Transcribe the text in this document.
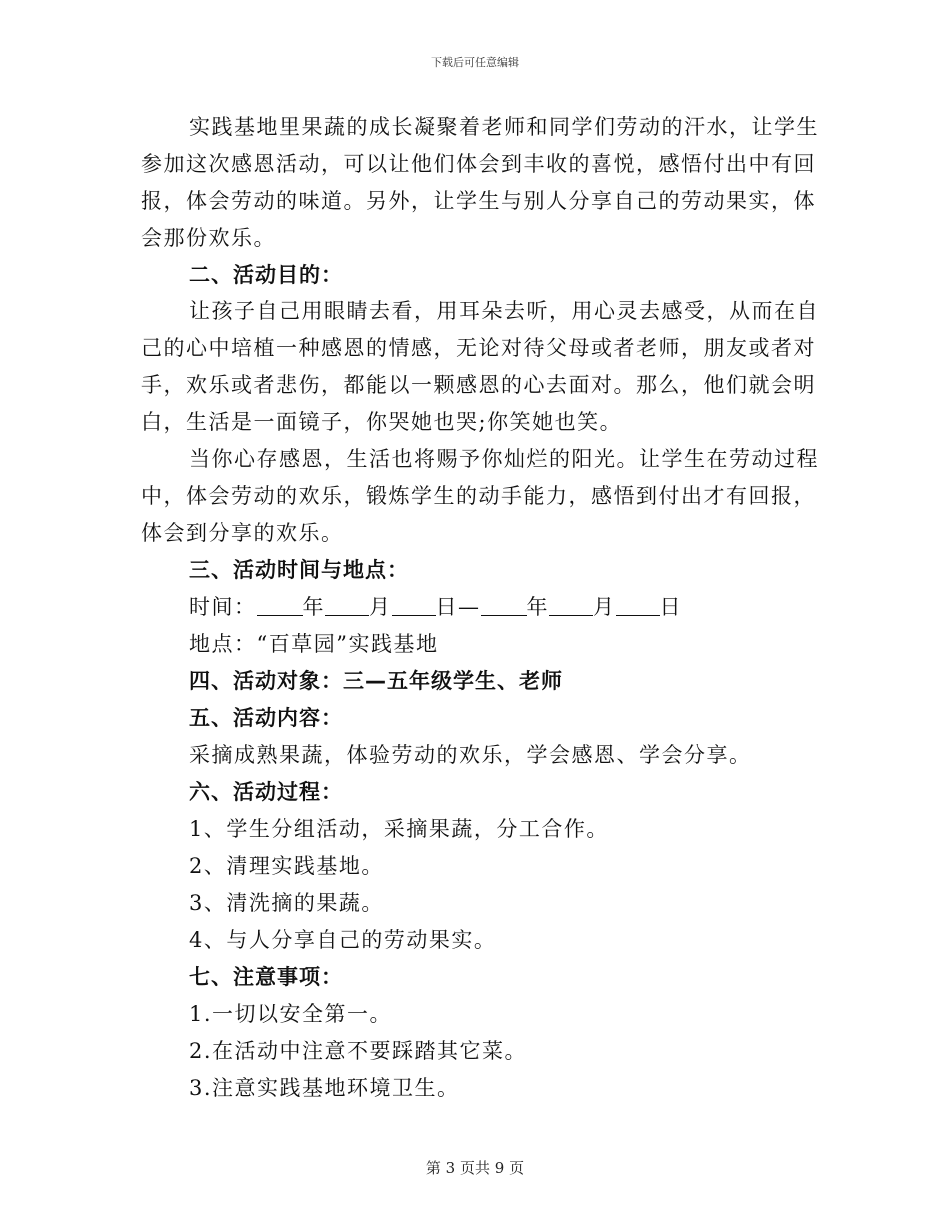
下载后可任意编辑
实践基地里果蔬的成长凝聚着老师和同学们劳动的汗水，让学生
参加这次感恩活动，可以让他们体会到丰收的喜悦，感悟付出中有回
报，体会劳动的味道。另外，让学生与别人分享自己的劳动果实，体
会那份欢乐。
二、活动目的：
让孩子自己用眼睛去看，用耳朵去听，用心灵去感受，从而在自
己的心中培植一种感恩的情感，无论对待父母或者老师，朋友或者对
手，欢乐或者悲伤，都能以一颗感恩的心去面对。那么，他们就会明
白，生活是一面镜子，你哭她也哭;你笑她也笑。
当你心存感恩，生活也将赐予你灿烂的阳光。让学生在劳动过程
中，体会劳动的欢乐，锻炼学生的动手能力，感悟到付出才有回报，
体会到分享的欢乐。
三、活动时间与地点：
时间： 年 月 日— 年 月 日
地点：“百草园”实践基地
四、活动对象：三—五年级学生、老师
五、活动内容：
采摘成熟果蔬，体验劳动的欢乐，学会感恩、学会分享。
六、活动过程：
1、学生分组活动，采摘果蔬，分工合作。
2、清理实践基地。
3、清洗摘的果蔬。
4、与人分享自己的劳动果实。
七、注意事项：
1.一切以安全第一。
2.在活动中注意不要踩踏其它菜。
3.注意实践基地环境卫生。
第 3 页共 9 页
